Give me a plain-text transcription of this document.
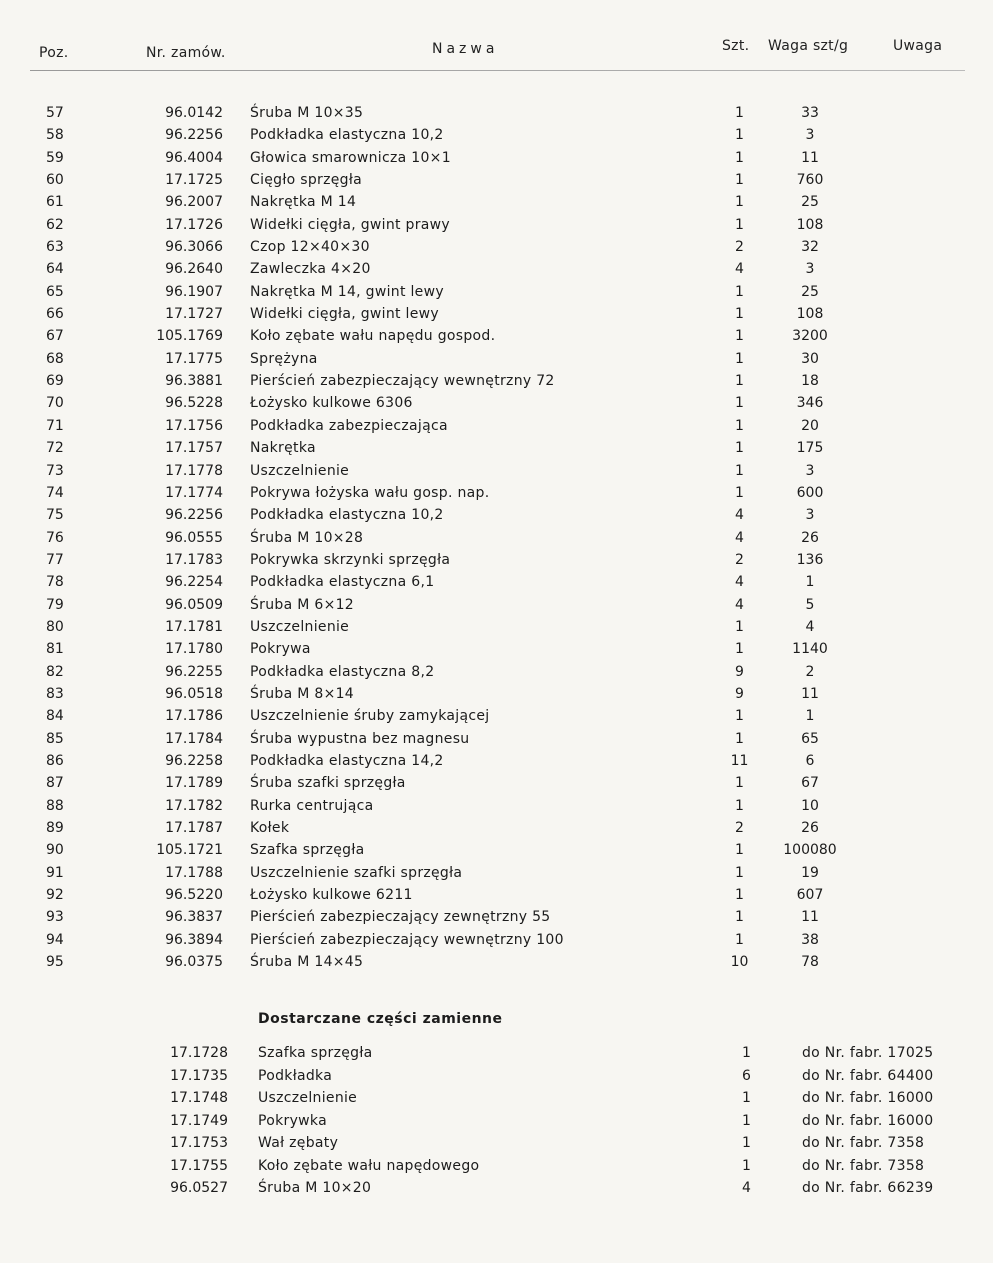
Poz.	Nr. zamów.	Nazwa	Szt. Waga szt/g	Uwaga
57	96.0142 Śruba M 10×35	1	33
58	96.2256 Podkładka elastyczna 10,2	1	3
59	96.4004 Głowica smarownicza 10×1	1	11
60	17.1725 Cięgło sprzęgła	1	760
61	96.2007 Nakrętka M 14	1	25
62	17.1726 Widełki cięgła, gwint prawy	1	108
63	96.3066 Czop 12×40×30	2	32
64	96.2640 Zawleczka 4×20	4	3
65	96.1907 Nakrętka M 14, gwint lewy	1	25
66	17.1727 Widełki cięgła, gwint lewy	1	108
67	105.1769 Koło zębate wału napędu gospod.	1	3200
68	17.1775 Sprężyna	1	30
69	96.3881 Pierścień zabezpieczający wewnętrzny 72	1	18
70	96.5228 Łożysko kulkowe 6306	1	346
71	17.1756 Podkładka zabezpieczająca	1	20
72	17.1757 Nakrętka	1	175
73	17.1778 Uszczelnienie	1	3
74	17.1774 Pokrywa łożyska wału gosp. nap.	1	600
75	96.2256 Podkładka elastyczna 10,2	4	3
76	96.0555 Śruba M 10×28	4	26
77	17.1783 Pokrywka skrzynki sprzęgła	2	136
78	96.2254 Podkładka elastyczna 6,1	4	1
79	96.0509 Śruba M 6×12	4	5
80	17.1781 Uszczelnienie	1	4
81	17.1780 Pokrywa	1	1140
82	96.2255 Podkładka elastyczna 8,2	9	2
83	96.0518 Śruba M 8×14	9	11
84	17.1786 Uszczelnienie śruby zamykającej	1	1
85	17.1784 Śruba wypustna bez magnesu	1	65
86	96.2258 Podkładka elastyczna 14,2	11	6
87	17.1789 Śruba szafki sprzęgła	1	67
88	17.1782 Rurka centrująca	1	10
89	17.1787 Kołek	2	26
90	105.1721 Szafka sprzęgła	1	100080
91	17.1788 Uszczelnienie szafki sprzęgła	1	19
92	96.5220 Łożysko kulkowe 6211	1	607
93	96.3837 Pierścień zabezpieczający zewnętrzny 55	1	11
94	96.3894 Pierścień zabezpieczający wewnętrzny 100	1	38
95	96.0375 Śruba M 14×45	10	78
Dostarczane części zamienne
17.1728 Szafka sprzęgła	1	do Nr. fabr. 17025
17.1735 Podkładka	6	do Nr. fabr. 64400
17.1748 Uszczelnienie	1	do Nr. fabr. 16000
17.1749 Pokrywka	1	do Nr. fabr. 16000
17.1753 Wał zębaty	1	do Nr. fabr. 7358
17.1755 Koło zębate wału napędowego	1	do Nr. fabr. 7358
96.0527 Śruba M 10×20	4	do Nr. fabr. 66239
